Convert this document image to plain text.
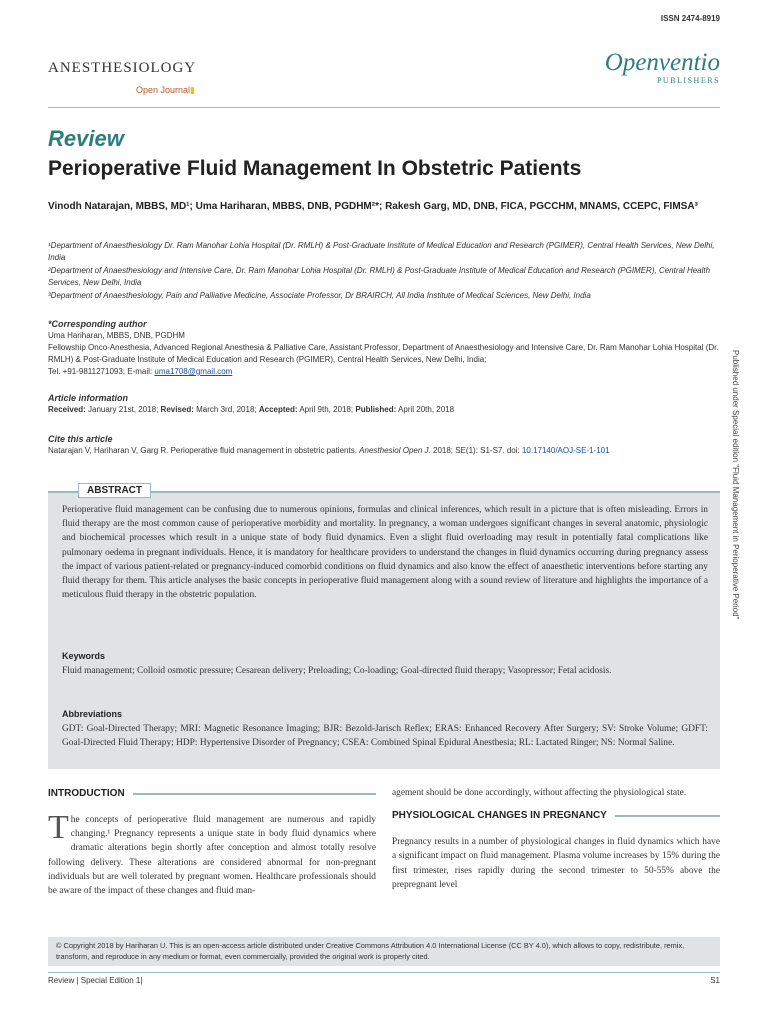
ISSN 2474-8919
ANESTHESIOLOGY
Open Journal▮
Openventio
PUBLISHERS
Review
Perioperative Fluid Management In Obstetric Patients
Vinodh Natarajan, MBBS, MD¹; Uma Hariharan, MBBS, DNB, PGDHM²*; Rakesh Garg, MD, DNB, FICA, PGCCHM, MNAMS, CCEPC, FIMSA³
¹Department of Anaesthesiology Dr. Ram Manohar Lohia Hospital (Dr. RMLH) & Post-Graduate Institute of Medical Education and Research (PGIMER), Central Health Services, New Delhi, India
²Department of Anaesthesiology and Intensive Care, Dr. Ram Manohar Lohia Hospital (Dr. RMLH) & Post-Graduate Institute of Medical Education and Research (PGIMER), Central Health Services, New Delhi, India
³Department of Anaesthesiology, Pain and Palliative Medicine, Associate Professor, Dr BRAIRCH, All India Institute of Medical Sciences, New Delhi, India
*Corresponding author
Uma Hariharan, MBBS, DNB, PGDHM
Fellowship Onco-Anesthesia, Advanced Regional Anesthesia & Palliative Care, Assistant Professor, Department of Anaesthesiology and Intensive Care, Dr. Ram Manohar Lohia Hospital (Dr. RMLH) & Post-Graduate Institute of Medical Education and Research (PGIMER), Central Health Services, New Delhi, India;
Tel. +91-9811271093; E-mail: uma1708@gmail.com
Article information
Received: January 21st, 2018; Revised: March 3rd, 2018; Accepted: April 9th, 2018; Published: April 20th, 2018
Cite this article
Natarajan V, Hariharan V, Garg R. Perioperative fluid management in obstetric patients. Anesthesiol Open J. 2018; SE(1): S1-S7. doi: 10.17140/AOJ-SE-1-101	Published under Special edition "Fluid Management in Perioperative Period"
ABSTRACT
Perioperative fluid management can be confusing due to numerous opinions, formulas and clinical inferences, which result in a picture that is often misleading. Errors in fluid therapy are the most common cause of perioperative morbidity and mortality. In pregnancy, a woman undergoes significant changes in several anatomic, physiologic and biochemical processes which result in a unique state of body fluid dynamics. Even a slight fluid overloading may result in potentially fatal complications like pulmonary oedema in pregnant individuals. Hence, it is mandatory for healthcare providers to understand the changes in fluid dynamics occurring during pregnancy assess the impact of various patient-related or pregnancy-induced comorbid conditions on fluid dynamics and also know the effect of anaesthetic interventions before starting any fluid therapy for them. This article analyses the basic concepts in perioperative fluid management along with a sound review of literature and highlights the importance of a meticulous fluid therapy in the obstetric population.
Keywords
Fluid management; Colloid osmotic pressure; Cesarean delivery; Preloading; Co-loading; Goal-directed fluid therapy; Vasopressor; Fetal acidosis.
Abbreviations
GDT: Goal-Directed Therapy; MRI: Magnetic Resonance Imaging; BJR: Bezold-Jarisch Reflex; ERAS: Enhanced Recovery After Surgery; SV: Stroke Volume; GDFT: Goal-Directed Fluid Therapy; HDP: Hypertensive Disorder of Pregnancy; CSEA: Combined Spinal Epidural Anesthesia; RL: Lactated Ringer; NS: Normal Saline.
INTRODUCTION
The concepts of perioperative fluid management are numerous and rapidly changing.¹ Pregnancy represents a unique state in body fluid dynamics where dramatic alterations begin shortly after conception and almost totally resolve following delivery. These alterations are considered abnormal for non-pregnant individuals but are well tolerated by pregnant women. Healthcare professionals should be aware of the impact of these changes and fluid man-
agement should be done accordingly, without affecting the physiological state.
PHYSIOLOGICAL CHANGES IN PREGNANCY
Pregnancy results in a number of physiological changes in fluid dynamics which have a significant impact on fluid management. Plasma volume increases by 15% during the first trimester, rises rapidly during the second trimester to 50-55% above the prepregnant level
© Copyright 2018 by Hariharan U. This is an open-access article distributed under Creative Commons Attribution 4.0 International License (CC BY 4.0), which allows to copy, redistribute, remix, transform, and reproduce in any medium or format, even commercially, provided the original work is properly cited.
Review | Special Edition 1|	S1
